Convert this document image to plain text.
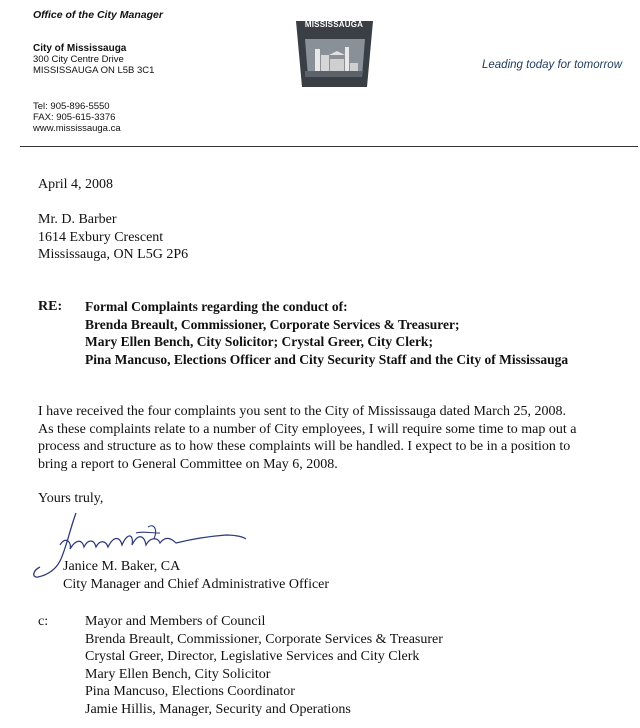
Office of the City Manager
City of Mississauga
300 City Centre Drive
MISSISSAUGA ON L5B 3C1
Tel: 905-896-5550
FAX: 905-615-3376
www.mississauga.ca
MISSISSAUGA
Leading today for tomorrow
April 4, 2008
Mr. D. Barber
1614 Exbury Crescent
Mississauga, ON L5G 2P6
RE: Formal Complaints regarding the conduct of:
Brenda Breault, Commissioner, Corporate Services & Treasurer;
Mary Ellen Bench, City Solicitor; Crystal Greer, City Clerk;
Pina Mancuso, Elections Officer and City Security Staff and the City of Mississauga
I have received the four complaints you sent to the City of Mississauga dated March 25, 2008.
As these complaints relate to a number of City employees, I will require some time to map out a
process and structure as to how these complaints will be handled. I expect to be in a position to
bring a report to General Committee on May 6, 2008.
Yours truly,
Janice M. Baker, CA
City Manager and Chief Administrative Officer
c:	Mayor and Members of Council
Brenda Breault, Commissioner, Corporate Services & Treasurer
Crystal Greer, Director, Legislative Services and City Clerk
Mary Ellen Bench, City Solicitor
Pina Mancuso, Elections Coordinator
Jamie Hillis, Manager, Security and Operations
